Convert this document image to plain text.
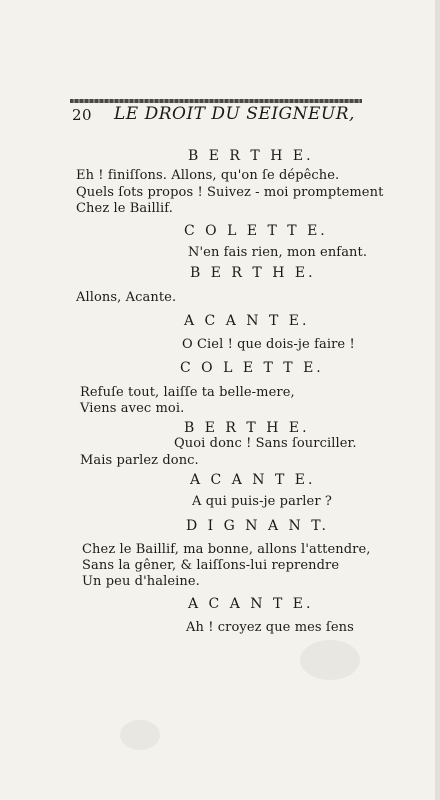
20 LE DROIT DU SEIGNEUR,
B E R T H E.
Eh ! finiſſons. Allons, qu'on ſe dépêche.
Quels ſots propos ! Suivez - moi promptement
Chez le Baillif.
C O L E T T E.
N'en fais rien, mon enfant.
B E R T H E.
Allons, Acante.
A C A N T E.
O Ciel ! que dois-je faire !
C O L E T T E.
Refuſe tout, laiſſe ta belle-mere,
Viens avec moi.
B E R T H E.
Quoi donc ! Sans ſourciller.
Mais parlez donc.
A C A N T E.
A qui puis-je parler ?
D I G N A N T.
Chez le Baillif, ma bonne, allons l'attendre,
Sans la gêner, & laiſſons-lui reprendre
Un peu d'haleine.
A C A N T E.
Ah ! croyez que mes ſens
